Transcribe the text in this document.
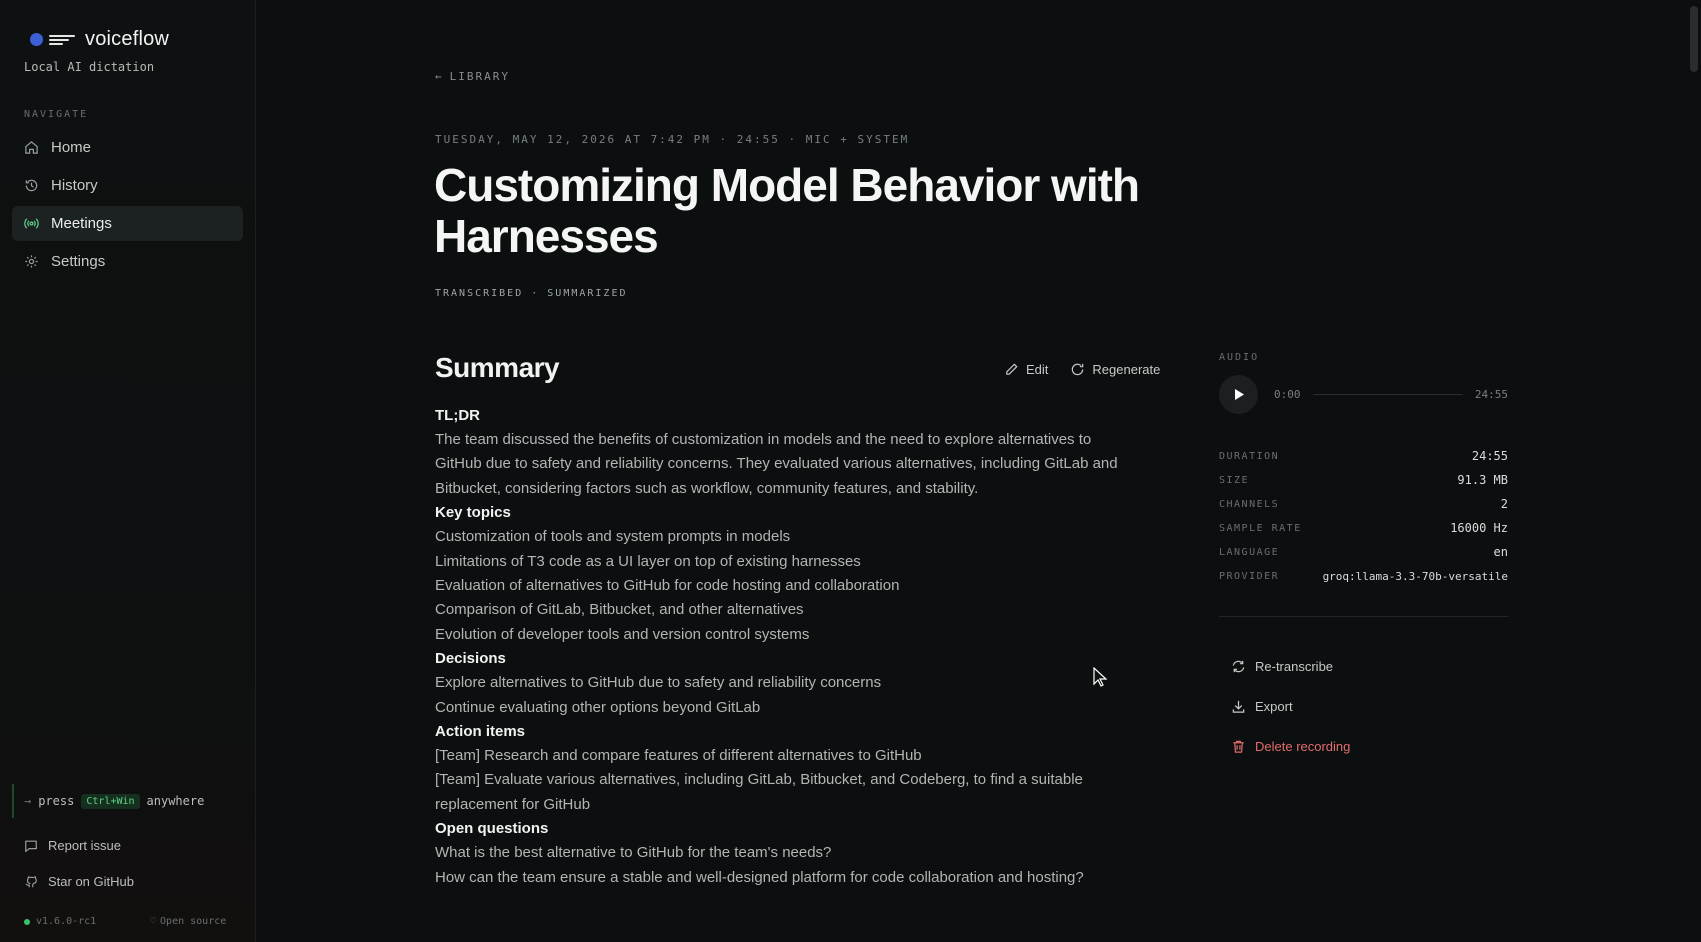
voiceflow
Local AI dictation
NAVIGATE
Home
History
Meetings
Settings
→ press	Ctrl+Win	anywhere
Report issue
Star on GitHub
v1.6.0-rc1	♡ Open source
← LIBRARY
TUESDAY, MAY 12, 2026 AT 7:42 PM · 24:55 · MIC + SYSTEM
Customizing Model Behavior with Harnesses
TRANSCRIBED · SUMMARIZED
Summary	Edit	Regenerate
TL;DR
The team discussed the benefits of customization in models and the need to explore alternatives to
GitHub due to safety and reliability concerns. They evaluated various alternatives, including GitLab and
Bitbucket, considering factors such as workflow, community features, and stability.
Key topics
Customization of tools and system prompts in models
Limitations of T3 code as a UI layer on top of existing harnesses
Evaluation of alternatives to GitHub for code hosting and collaboration
Comparison of GitLab, Bitbucket, and other alternatives
Evolution of developer tools and version control systems
Decisions
Explore alternatives to GitHub due to safety and reliability concerns
Continue evaluating other options beyond GitLab
Action items
[Team] Research and compare features of different alternatives to GitHub
[Team] Evaluate various alternatives, including GitLab, Bitbucket, and Codeberg, to find a suitable
replacement for GitHub
Open questions
What is the best alternative to GitHub for the team's needs?
How can the team ensure a stable and well-designed platform for code collaboration and hosting?
AUDIO
0:00	24:55
DURATION	24:55
SIZE	91.3 MB
CHANNELS	2
SAMPLE RATE	16000 Hz
LANGUAGE	en
PROVIDER	groq:llama-3.3-70b-versatile
Re-transcribe
Export
Delete recording
